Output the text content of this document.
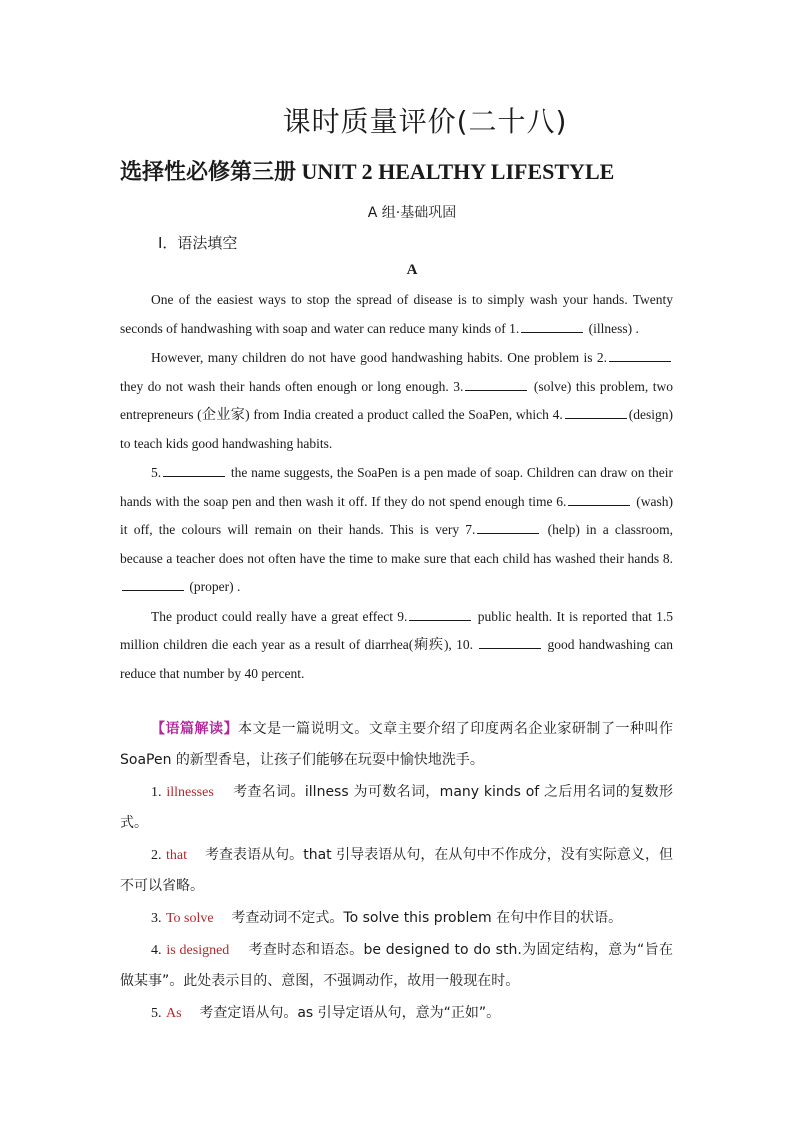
课时质量评价(二十八)
选择性必修第三册 UNIT 2 HEALTHY LIFESTYLE
A 组·基础巩固
Ⅰ．语法填空
A

One of the easiest ways to stop the spread of disease is to simply wash your hands. Twenty seconds of handwashing with soap and water can reduce many kinds of 1.	(illness) .

However, many children do not have good handwashing habits. One problem is 2. they do not wash their hands often enough or long enough. 3.	(solve) this problem, two entrepreneurs (企业家) from India created a product called the SoaPen, which 4.	(design) to teach kids good handwashing habits.

5.	the name suggests, the SoaPen is a pen made of soap. Children can draw on their hands with the soap pen and then wash it off. If they do not spend enough time 6.	(wash) it off, the colours will remain on their hands. This is very 7.	(help) in a classroom, because a teacher does not often have the time to make sure that each child has washed their hands 8. (proper) .

The product could really have a great effect 9.	public health. It is reported that 1.5 million children die each year as a result of diarrhea(痢疾), 10.	good handwashing can reduce that number by 40 percent.

【语篇解读】本文是一篇说明文。文章主要介绍了印度两名企业家研制了一种叫作 SoaPen 的新型香皂，让孩子们能够在玩耍中愉快地洗手。

1. illnesses 考查名词。illness 为可数名词，many kinds of 之后用名词的复数形式。

2. that 考查表语从句。that 引导表语从句，在从句中不作成分，没有实际意义，但不可以省略。

3. To solve 考查动词不定式。To solve this problem 在句中作目的状语。

4. is designed 考查时态和语态。be designed to do sth.为固定结构，意为“旨在做某事”。此处表示目的、意图，不强调动作，故用一般现在时。

5. As 考查定语从句。as 引导定语从句，意为“正如”。
